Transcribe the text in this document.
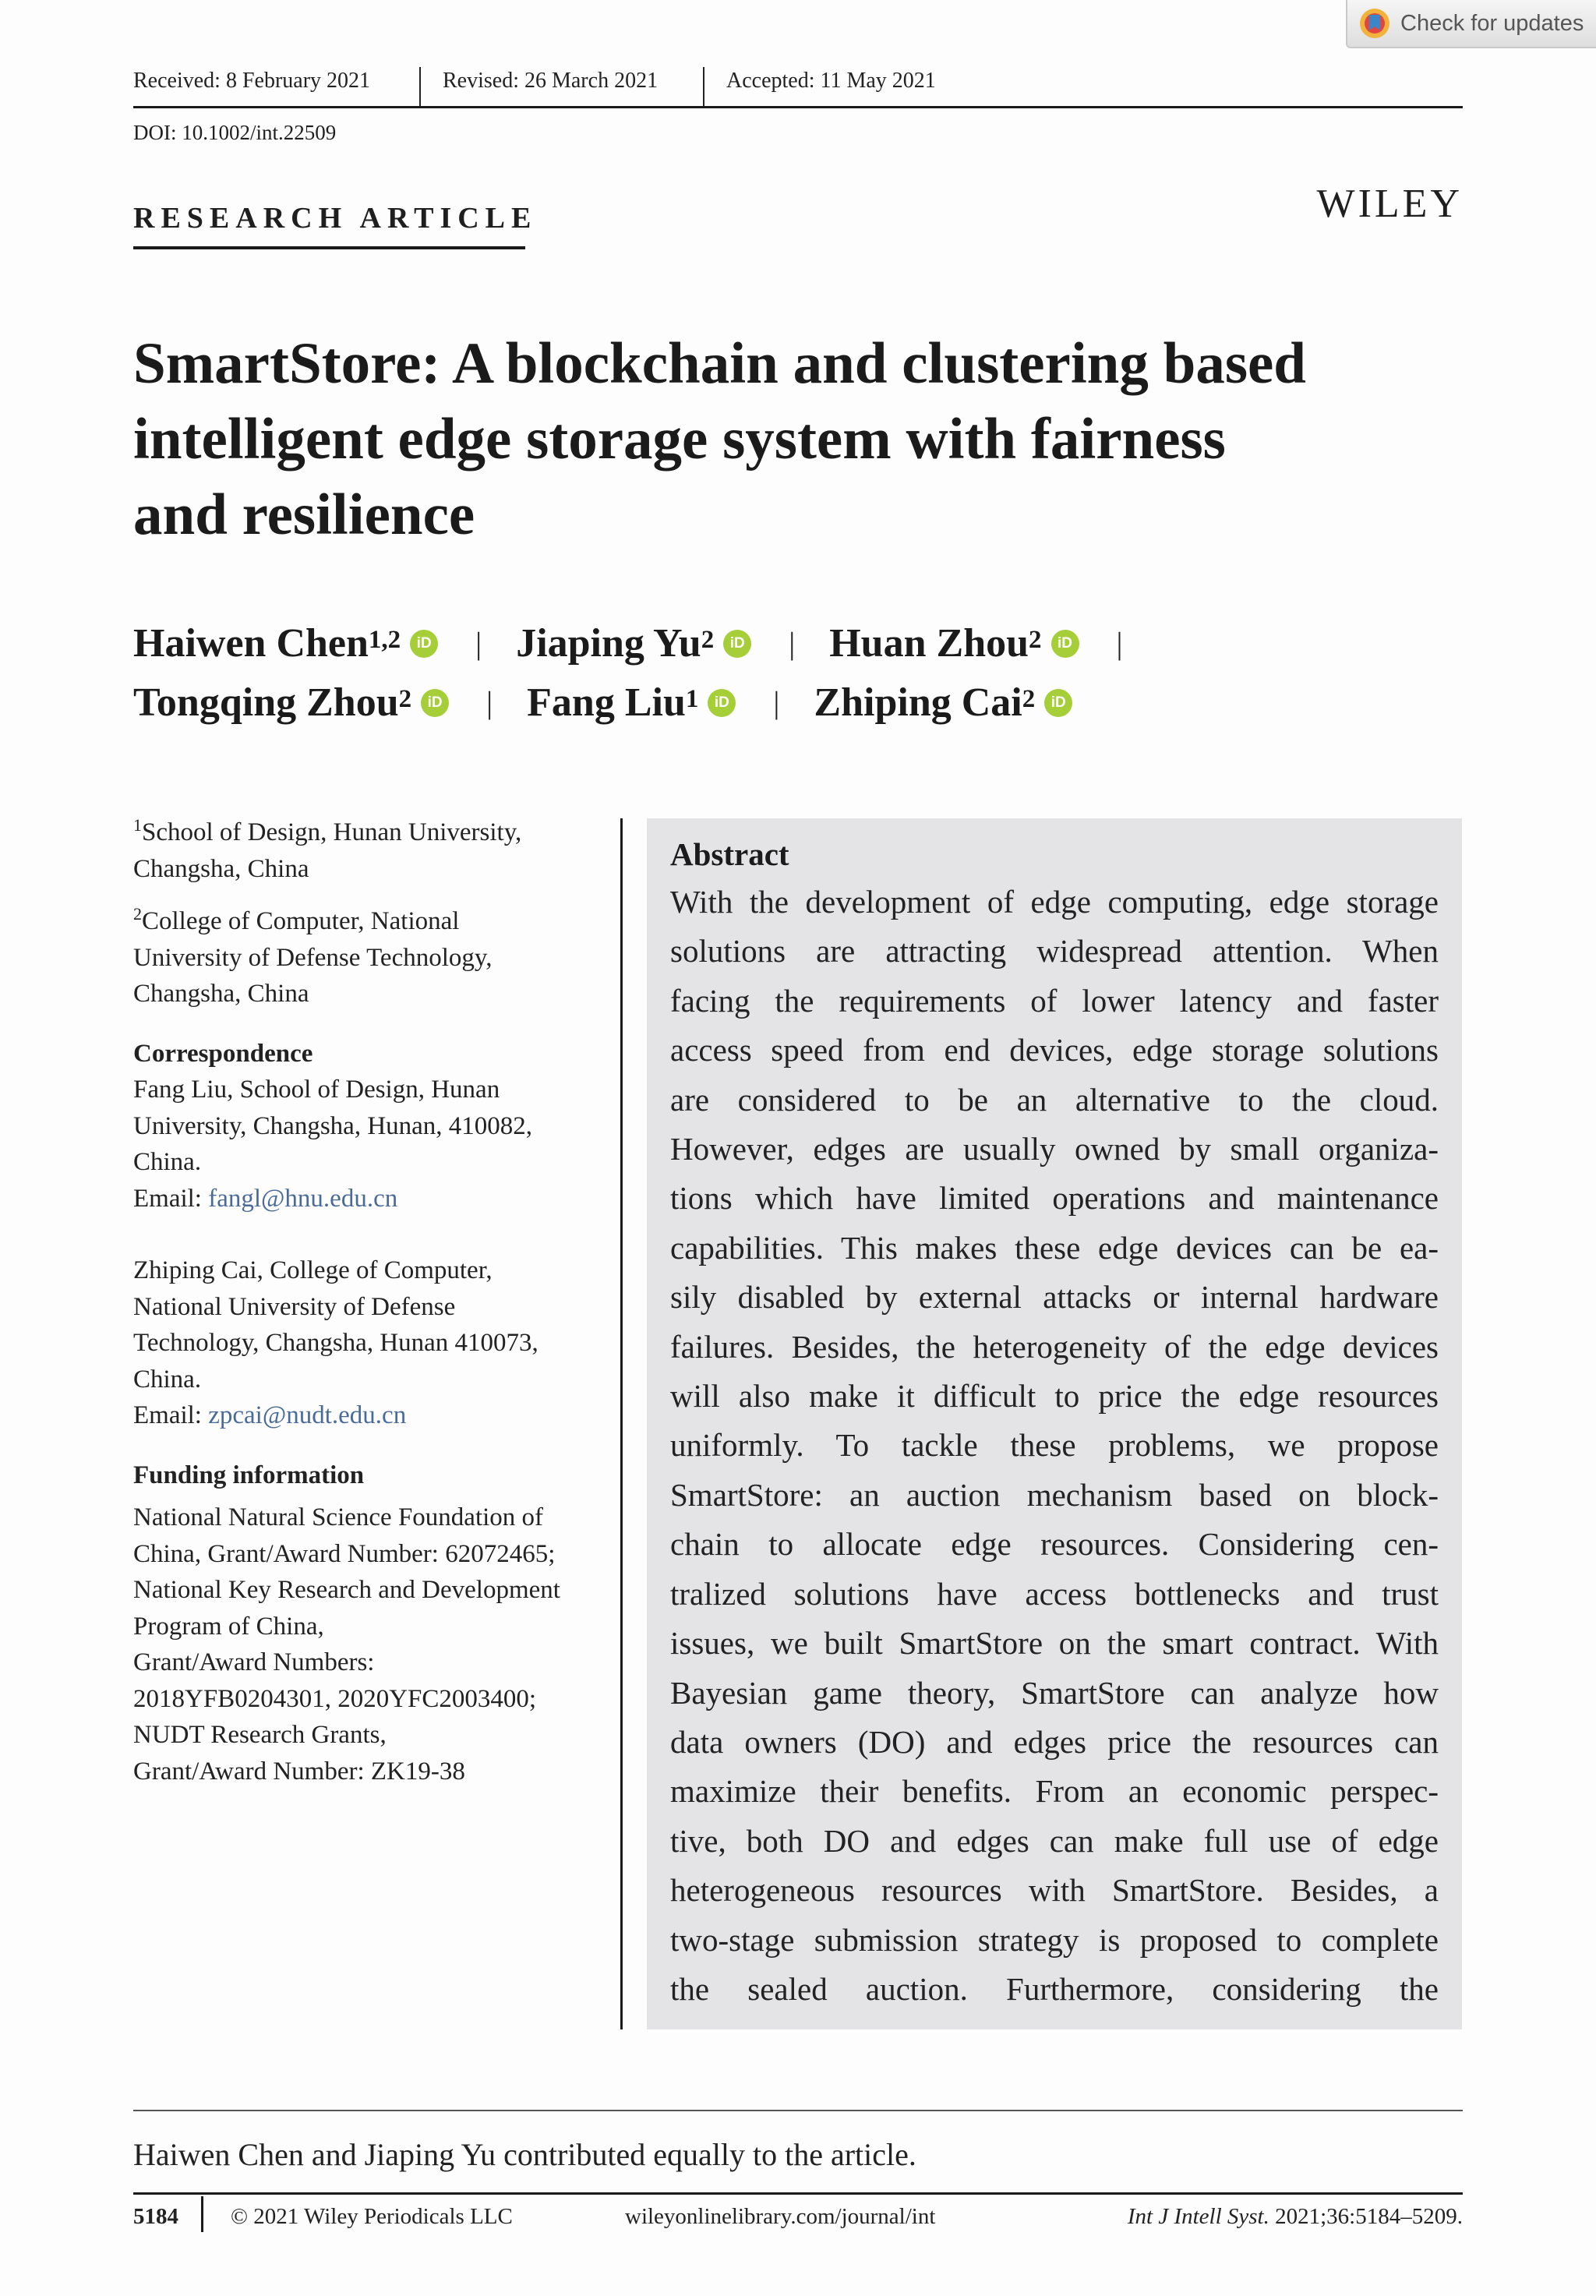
Check for updates
Received: 8 February 2021	Revised: 26 March 2021	Accepted: 11 May 2021
DOI: 10.1002/int.22509
RESEARCH ARTICLE	WILEY
SmartStore: A blockchain and clustering based
intelligent edge storage system with fairness
and resilience
Haiwen Chen$^{1,2}$	iD | Jiaping Yu$^2$	iD | Huan Zhou$^2$	iD |
Tongqing Zhou$^2$	iD | Fang Liu$^1$	iD | Zhiping Cai$^2$	iD

$^1$School of Design, Hunan University,

Changsha, China

$^2$College of Computer, National

University of Defense Technology,

Changsha, China

Correspondence

Fang Liu, School of Design, Hunan

University, Changsha, Hunan, 410082,

China.

Email: fangl@hnu.edu.cn

Zhiping Cai, College of Computer,

National University of Defense

Technology, Changsha, Hunan 410073,

China.

Email: zpcai@nudt.edu.cn

Funding information

National Natural Science Foundation of

China, Grant/Award Number: 62072465;

National Key Research and Development

Program of China,

Grant/Award Numbers:

2018YFB0204301, 2020YFC2003400;

NUDT Research Grants,

Grant/Award Number: ZK19-38

Abstract

With the development of edge computing, edge storage
solutions are attracting widespread attention. When
facing the requirements of lower latency and faster
access speed from end devices, edge storage solutions
are considered to be an alternative to the cloud.
However, edges are usually owned by small organiza-
tions which have limited operations and maintenance
capabilities. This makes these edge devices can be ea-
sily disabled by external attacks or internal hardware
failures. Besides, the heterogeneity of the edge devices
will also make it difficult to price the edge resources
uniformly. To tackle these problems, we propose
SmartStore: an auction mechanism based on block-
chain to allocate edge resources. Considering cen-
tralized solutions have access bottlenecks and trust
issues, we built SmartStore on the smart contract. With
Bayesian game theory, SmartStore can analyze how
data owners (DO) and edges price the resources can
maximize their benefits. From an economic perspec-
tive, both DO and edges can make full use of edge
heterogeneous resources with SmartStore. Besides, a
two-stage submission strategy is proposed to complete
the sealed auction. Furthermore, considering the
Haiwen Chen and Jiaping Yu contributed equally to the article.
5184 © 2021 Wiley Periodicals LLC	wileyonlinelibrary.com/journal/int	Int J Intell Syst. 2021;36:5184–5209.
